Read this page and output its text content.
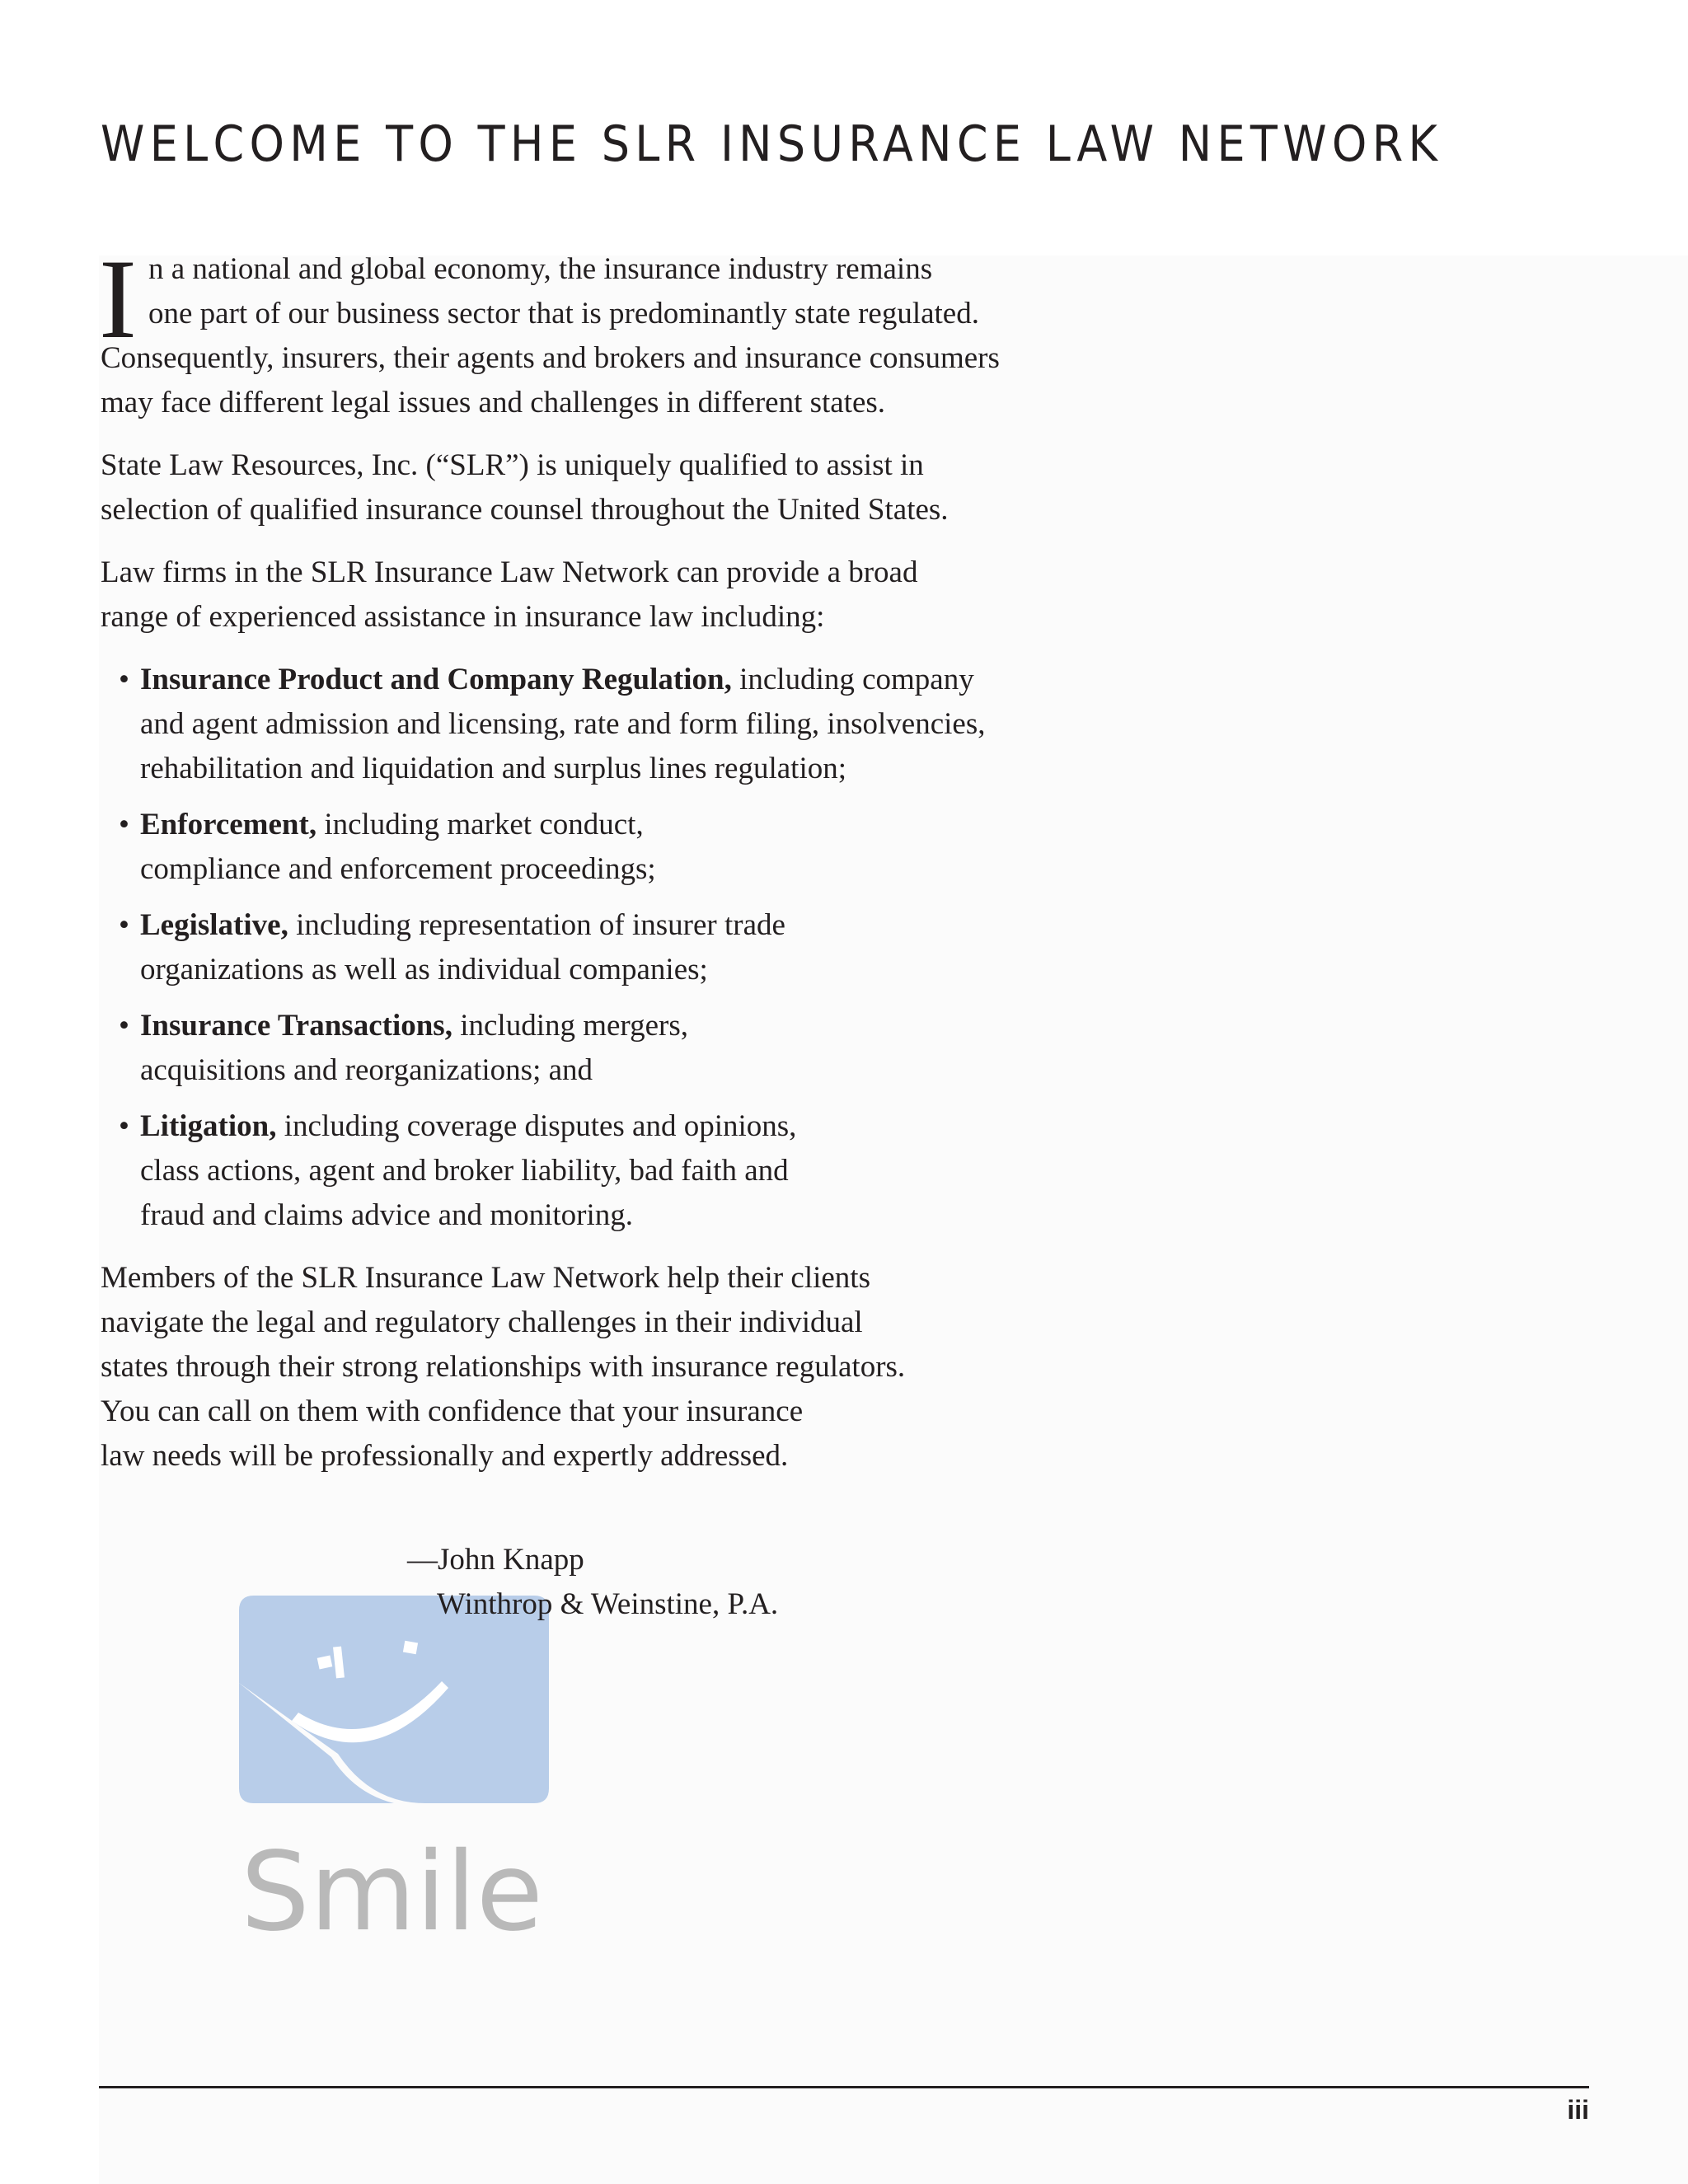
WELCOME TO THE SLR INSURANCE LAW NETWORK

I n a national and global economy, the insurance industry remains
one part of our business sector that is predominantly state regulated.
Consequently, insurers, their agents and brokers and insurance consumers
may face different legal issues and challenges in different states.

State Law Resources, Inc. (“SLR”) is uniquely qualified to assist in
selection of qualified insurance counsel throughout the United States.

Law firms in the SLR Insurance Law Network can provide a broad
range of experienced assistance in insurance law including:

• Insurance Product and Company Regulation, including company
and agent admission and licensing, rate and form filing, insolvencies,
rehabilitation and liquidation and surplus lines regulation;
• Enforcement, including market conduct,
compliance and enforcement proceedings;
• Legislative, including representation of insurer trade
organizations as well as individual companies;
• Insurance Transactions, including mergers,
acquisitions and reorganizations; and
• Litigation, including coverage disputes and opinions,
class actions, agent and broker liability, bad faith and
fraud and claims advice and monitoring.

Members of the SLR Insurance Law Network help their clients
navigate the legal and regulatory challenges in their individual
states through their strong relationships with insurance regulators.
You can call on them with confidence that your insurance
law needs will be professionally and expertly addressed.

Smile
—John Knapp
Winthrop & Weinstine, P.A.
iii
